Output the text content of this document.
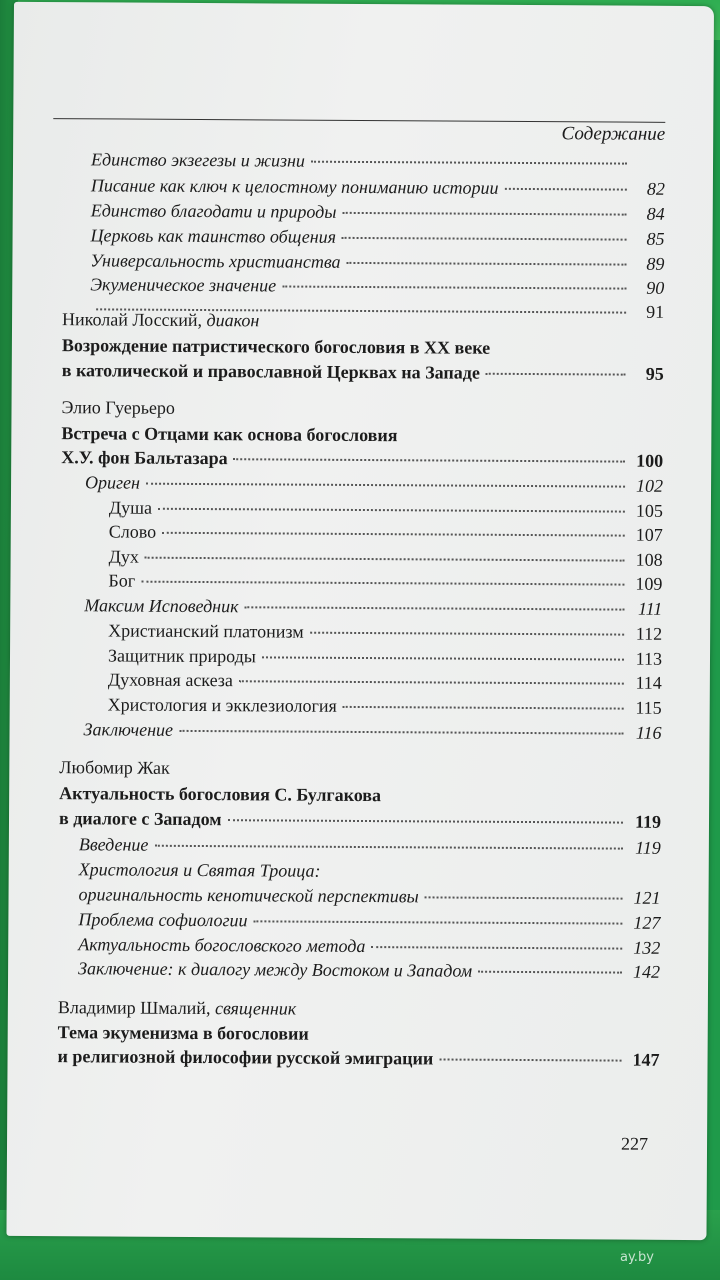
Содержание
Единство экзегезы и жизни
Писание как ключ к целостному пониманию истории	82
Единство благодати и природы	84
Церковь как таинство общения	85
Универсальность христианства	89
Экуменическое значение	90
91
Николай Лосский, диакон
Возрождение патристического богословия в XX веке
в католической и православной Церквах на Западе	95
Элио Гуерьеро
Встреча с Отцами как основа богословия
Х.У. фон Бальтазара	100
Ориген	102
Душа	105
Слово	107
Дух	108
Бог	109
Максим Исповедник	111
Христианский платонизм	112
Защитник природы	113
Духовная аскеза	114
Христология и экклезиология	115
Заключение	116
Любомир Жак
Актуальность богословия С. Булгакова
в диалоге с Западом	119
Введение	119
Христология и Святая Троица:
оригинальность кенотической перспективы	121
Проблема софиологии	127
Актуальность богословского метода	132
Заключение: к диалогу между Востоком и Западом	142
Владимир Шмалий, священник
Тема экуменизма в богословии
и религиозной философии русской эмиграции	147
227
ay.by
